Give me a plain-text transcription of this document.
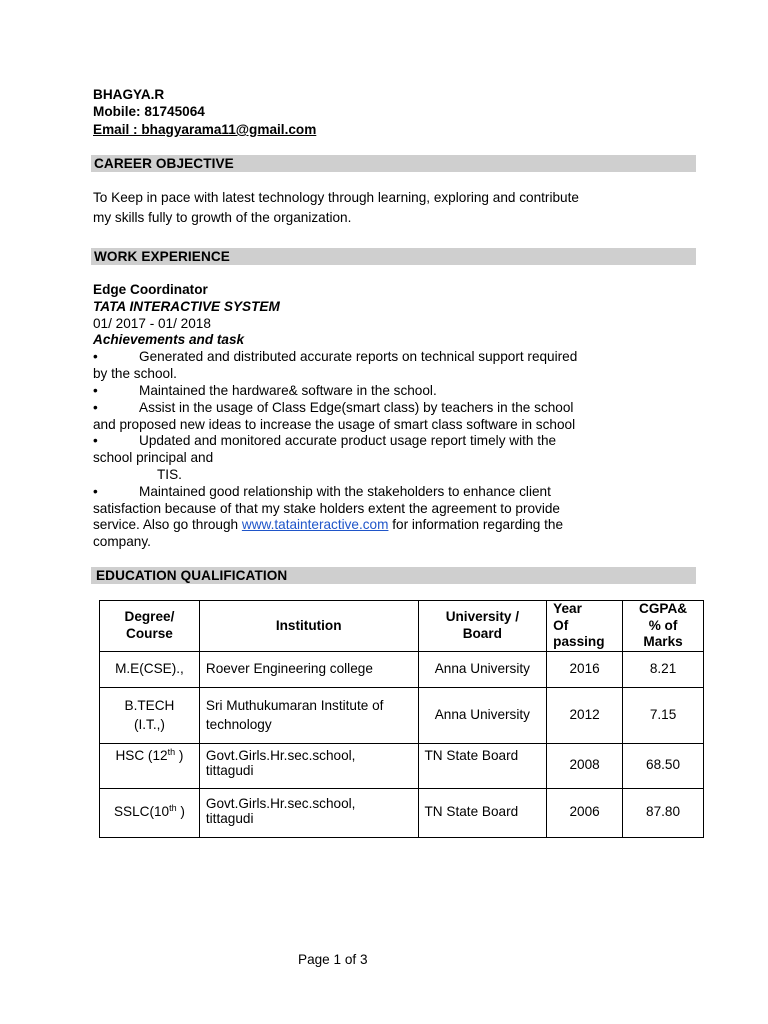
BHAGYA.R
Mobile: 81745064
Email : bhagyarama11@gmail.com
CAREER OBJECTIVE
To Keep in pace with latest technology through learning, exploring and contribute
my skills fully to growth of the organization.
WORK EXPERIENCE
Edge Coordinator
TATA INTERACTIVE SYSTEM
01/ 2017 - 01/ 2018
Achievements and task
•	Generated and distributed accurate reports on technical support required
by the school.
•	Maintained the hardware& software in the school.
•	Assist in the usage of Class Edge(smart class) by teachers in the school
and proposed new ideas to increase the usage of smart class software in school
•	Updated and monitored accurate product usage report timely with the
school principal and
TIS.
•	Maintained good relationship with the stakeholders to enhance client
satisfaction because of that my stake holders extent the agreement to provide
service. Also go through www.tatainteractive.com for information regarding the
company.
EDUCATION QUALIFICATION
Degree/
Course	Institution	University /
Board	Year
Of
passing	CGPA&
% of
Marks
M.E(CSE).,	Roever Engineering college	Anna University	2016	8.21
B.TECH
(I.T.,)	Sri Muthukumaran Institute of
technology	Anna University	2012	7.15
HSC (12th )	Govt.Girls.Hr.sec.school,
tittagudi	TN State Board	2008	68.50
SSLC(10th )	Govt.Girls.Hr.sec.school,
tittagudi	TN State Board	2006	87.80
Page 1 of 3
